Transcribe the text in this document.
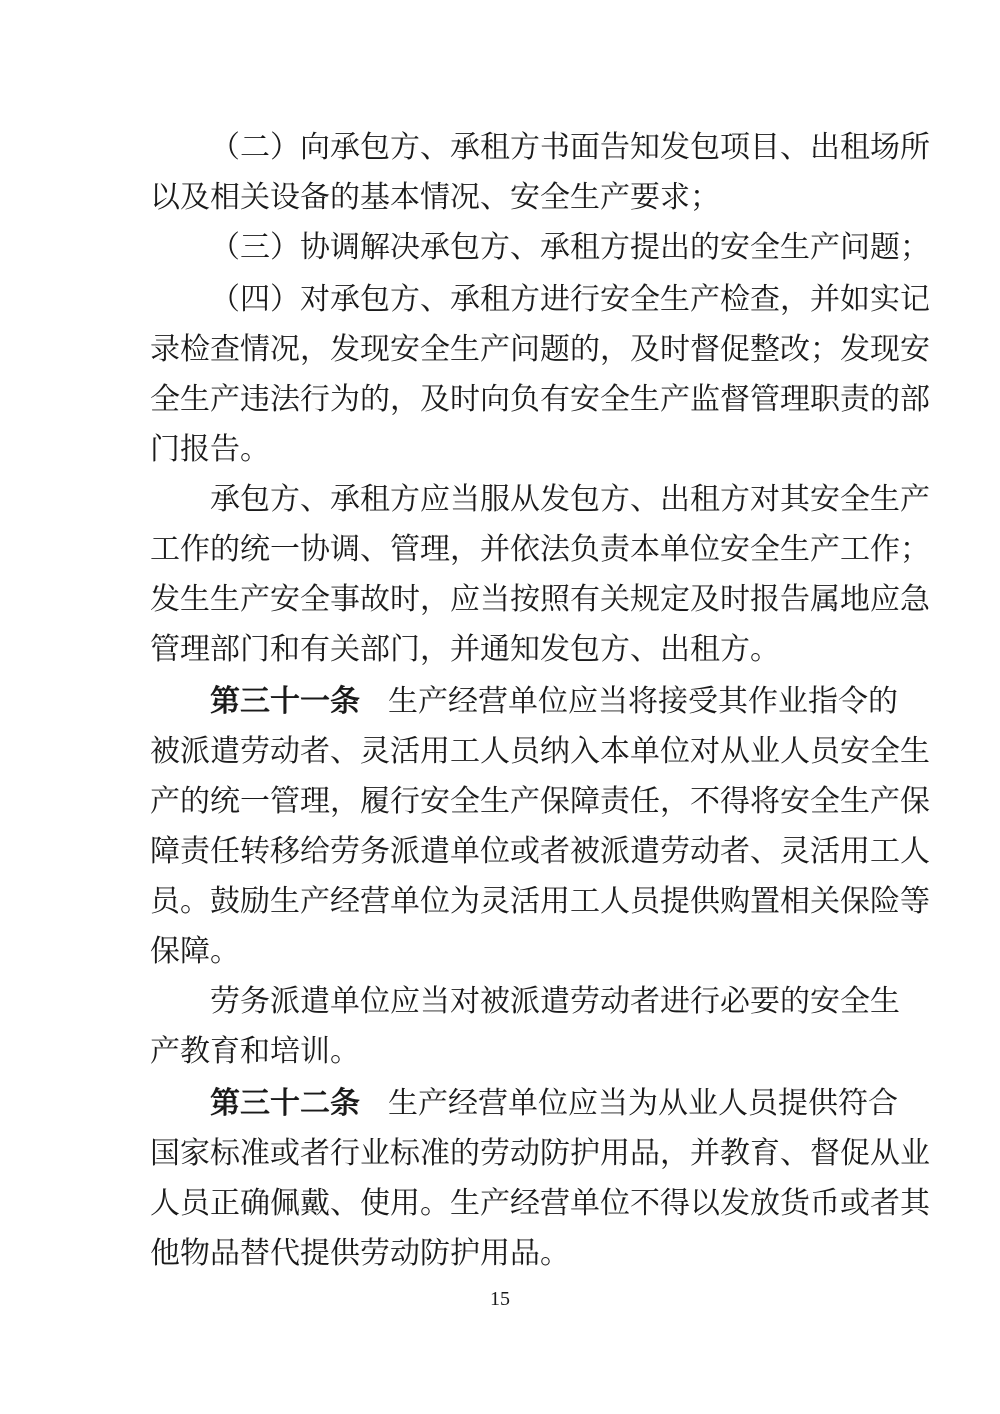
（二）向承包方、承租方书面告知发包项目、出租场所
以及相关设备的基本情况、安全生产要求；
（三）协调解决承包方、承租方提出的安全生产问题；
（四）对承包方、承租方进行安全生产检查，并如实记
录检查情况，发现安全生产问题的，及时督促整改；发现安
全生产违法行为的，及时向负有安全生产监督管理职责的部
门报告。
承包方、承租方应当服从发包方、出租方对其安全生产
工作的统一协调、管理，并依法负责本单位安全生产工作；
发生生产安全事故时，应当按照有关规定及时报告属地应急
管理部门和有关部门，并通知发包方、出租方。
第三十一条 生产经营单位应当将接受其作业指令的
被派遣劳动者、灵活用工人员纳入本单位对从业人员安全生
产的统一管理，履行安全生产保障责任，不得将安全生产保
障责任转移给劳务派遣单位或者被派遣劳动者、灵活用工人
员。鼓励生产经营单位为灵活用工人员提供购置相关保险等
保障。
劳务派遣单位应当对被派遣劳动者进行必要的安全生
产教育和培训。
第三十二条 生产经营单位应当为从业人员提供符合
国家标准或者行业标准的劳动防护用品，并教育、督促从业
人员正确佩戴、使用。生产经营单位不得以发放货币或者其
他物品替代提供劳动防护用品。
15
